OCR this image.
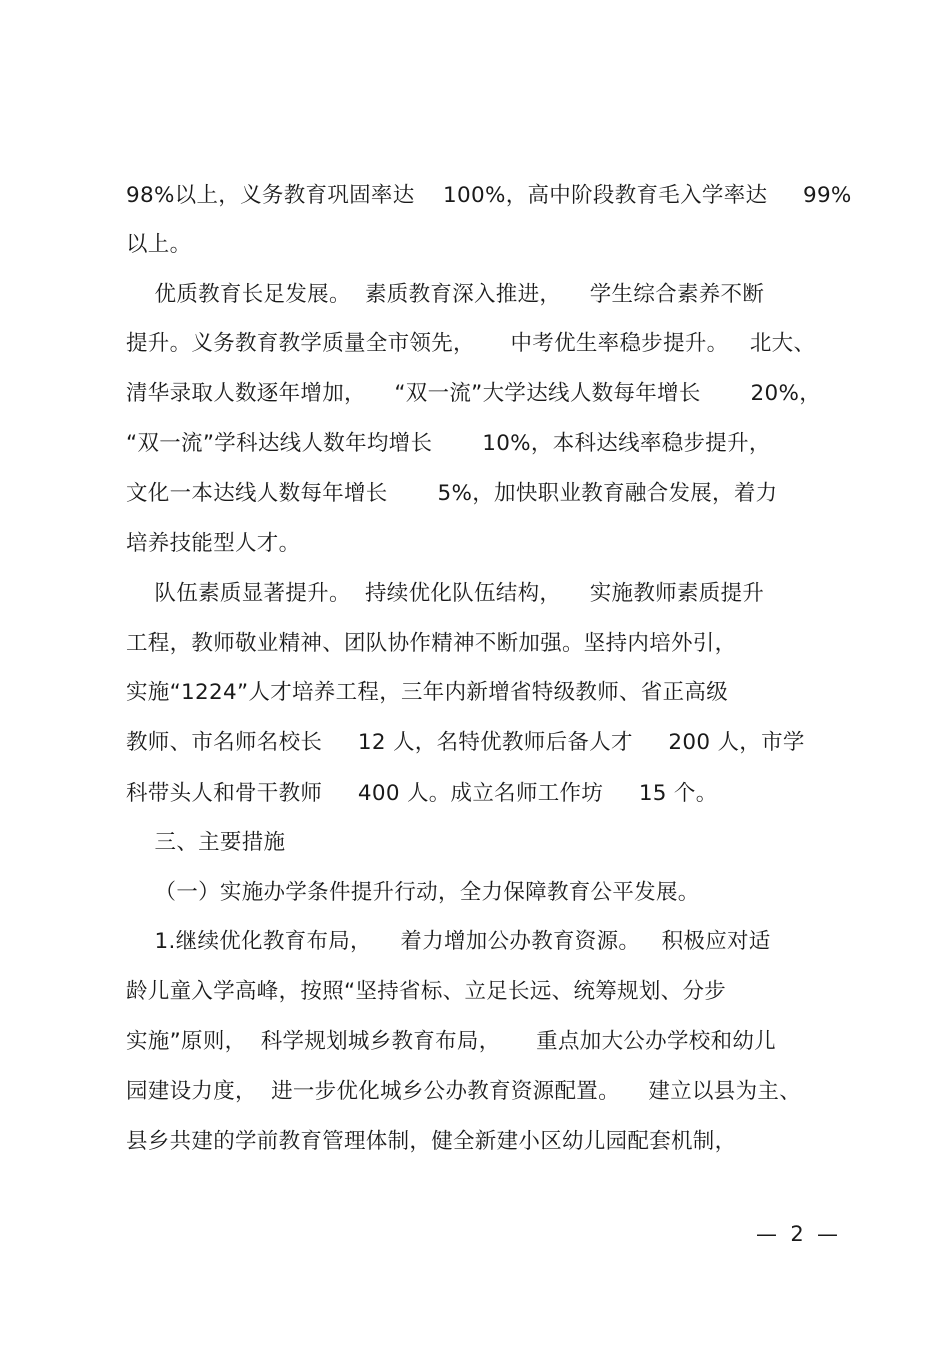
98%以上，义务教育巩固率达    100%，高中阶段教育毛入学率达     99%
以上。
优质教育长足发展。  素质教育深入推进，    学生综合素养不断
提升。义务教育教学质量全市领先，     中考优生率稳步提升。   北大、
清华录取人数逐年增加，    “双一流”大学达线人数每年增长       20%，
“双一流”学科达线人数年均增长       10%，本科达线率稳步提升，
文化一本达线人数每年增长       5%，加快职业教育融合发展，着力
培养技能型人才。
队伍素质显著提升。  持续优化队伍结构，    实施教师素质提升
工程，教师敬业精神、团队协作精神不断加强。坚持内培外引，
实施“1224”人才培养工程，三年内新增省特级教师、省正高级
教师、市名师名校长     12 人，名特优教师后备人才     200 人，市学
科带头人和骨干教师     400 人。成立名师工作坊     15 个。
三、主要措施
（一）实施办学条件提升行动，全力保障教育公平发展。
1.继续优化教育布局，    着力增加公办教育资源。   积极应对适
龄儿童入学高峰，按照“坚持省标、立足长远、统筹规划、分步
实施”原则，  科学规划城乡教育布局，     重点加大公办学校和幼儿
园建设力度，  进一步优化城乡公办教育资源配置。    建立以县为主、
县乡共建的学前教育管理体制，健全新建小区幼儿园配套机制，
—  2  —
